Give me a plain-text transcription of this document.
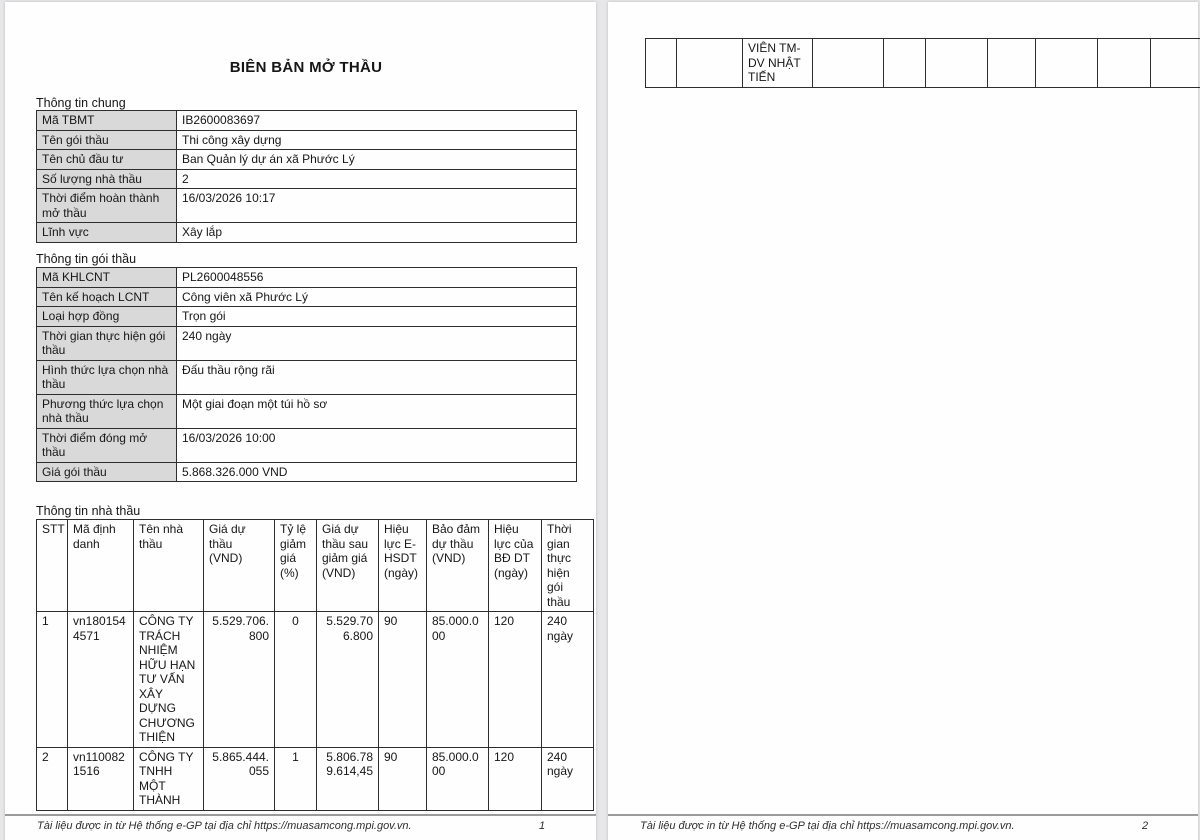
BIÊN BẢN MỞ THẦU
Thông tin chung
Mã TBMT	IB2600083697
Tên gói thầu	Thi công xây dựng
Tên chủ đầu tư	Ban Quản lý dự án xã Phước Lý
Số lượng nhà thầu	2
Thời điểm hoàn thành mở thầu	16/03/2026 10:17
Lĩnh vực	Xây lắp
Thông tin gói thầu
Mã KHLCNT	PL2600048556
Tên kế hoạch LCNT	Công viên xã Phước Lý
Loại hợp đồng	Trọn gói
Thời gian thực hiện gói thầu	240 ngày
Hình thức lựa chọn nhà thầu	Đấu thầu rộng rãi
Phương thức lựa chọn nhà thầu	Một giai đoạn một túi hồ sơ
Thời điểm đóng mở thầu	16/03/2026 10:00
Giá gói thầu	5.868.326.000 VND
Thông tin nhà thầu
STT	Mã định danh	Tên nhà thầu	Giá dự thầu (VND)	Tỷ lệ giảm giá (%)	Giá dự thầu sau giảm giá (VND)	Hiệu lực E-HSDT (ngày)	Bảo đảm dự thầu (VND)	Hiệu lực của BĐ DT (ngày)	Thời gian thực hiện gói thầu
1	vn1801544571	CÔNG TY TRÁCH NHIỆM HỮU HẠN TƯ VẤN XÂY DỰNG CHƯƠNG THIỆN	5.529.706.800	0	5.529.706.800	90	85.000.000	120	240 ngày
2	vn1100821516	CÔNG TY TNHH MỘT THÀNH	5.865.444.055	1	5.806.789.614,45	90	85.000.000	120	240 ngày
Tài liệu được in từ Hệ thống e-GP tại địa chỉ https://muasamcong.mpi.gov.vn.	1
		VIÊN TM-DV NHẬT TIẾN							
Tài liệu được in từ Hệ thống e-GP tại địa chỉ https://muasamcong.mpi.gov.vn.	2
